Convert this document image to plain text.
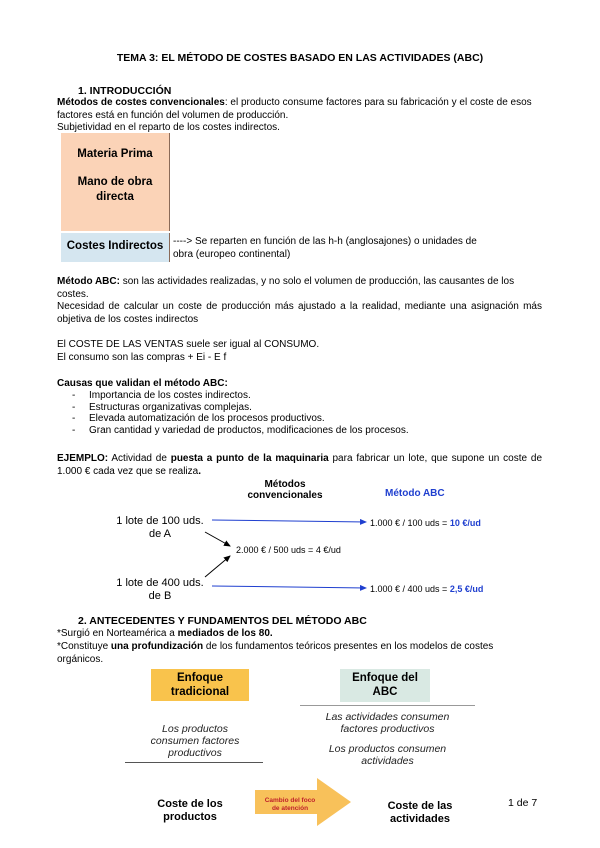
TEMA 3: EL MÉTODO DE COSTES BASADO EN LAS ACTIVIDADES (ABC)
1. INTRODUCCIÓN
Métodos de costes convencionales: el producto consume factores para su fabricación y el coste de esos factores está en función del volumen de producción.
Subjetividad en el reparto de los costes indirectos.
Materia Prima
Mano de obra
directa
Costes Indirectos ----> Se reparten en función de las h-h (anglosajones) o unidades de
obra (europeo continental)
Método ABC: son las actividades realizadas, y no solo el volumen de producción, las causantes de los costes.
Necesidad de calcular un coste de producción más ajustado a la realidad, mediante una asignación más objetiva de los costes indirectos
El COSTE DE LAS VENTAS suele ser igual al CONSUMO.
El consumo son las compras + Ei - E f
Causas que validan el método ABC:
- Importancia de los costes indirectos.
- Estructuras organizativas complejas.
- Elevada automatización de los procesos productivos.
- Gran cantidad y variedad de productos, modificaciones de los procesos.
EJEMPLO: Actividad de puesta a punto de la maquinaria para fabricar un lote, que supone un coste de 1.000 € cada vez que se realiza.
Métodos
convencionales	Método ABC
1 lote de 100 uds.
de A
1 lote de 400 uds.
de B
2.000 € / 500 uds = 4 €/ud
1.000 € / 100 uds = 10 €/ud
1.000 € / 400 uds = 2,5 €/ud
2. ANTECEDENTES Y FUNDAMENTOS DEL MÉTODO ABC
*Surgió en Norteamérica a mediados de los 80.
*Constituye una profundización de los fundamentos teóricos presentes en los modelos de costes orgánicos.
Enfoque
tradicional
Enfoque del
ABC
Los productos
consumen factores
productivos
Las actividades consumen
factores productivos
Los productos consumen
actividades
Coste de los
productos
Cambio del foco
de atención	Coste de las
actividades
1 de 7
